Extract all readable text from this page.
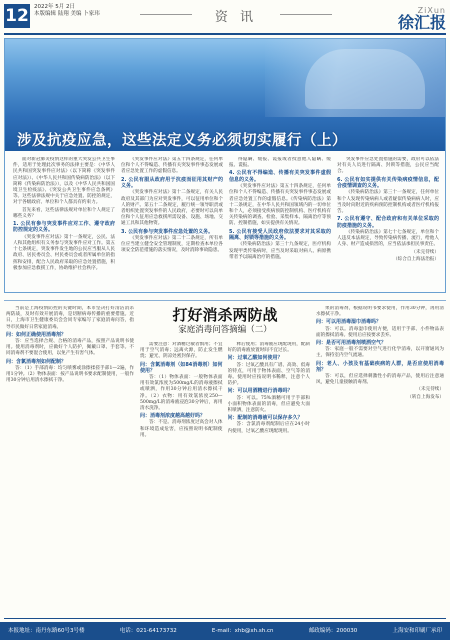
12 2022年 5月 2日
本版编辑 陆翔 美编 卜家玮	资 讯	ZiXun
徐汇报
涉及抗疫应急，这些法定义务必须切实履行（上）

面对新冠肺炎疫情这样的重大突发公共卫生事件，适用于处理此次事务的法律主要是：《中华人民共和国突发事件应对法》（以下简称《突发事件应对法》）、《中华人民共和国传染病防治法》（以下简称《传染病防治法》），以及《中华人民共和国国境卫生检疫法》、《突发公共卫生事件应急条例》等。这些法律法规中关于应急处置、防控的规定，对于各级政府、单位和个人都具有约束力。

首先来看，这些法律法规对单位和个人规定了哪些义务？

1. 公民有参与突发事件应对工作、遵守政府防控规定的义务。

《突发事件应对法》第十一条规定，公民、法人和其他组织有义务参与突发事件应对工作。第五十七条规定，突发事件发生地的公民应当服从人民政府、居民委员会、村民委员会或者所属单位的指挥和安排，配合人民政府采取的应急处置措施，积极参加应急救援工作，协助维护社会秩序。

《突发事件应对法》第五十四条规定，任何单位和个人不得编造、传播有关突发事件事态发展或者应急处置工作的虚假信息。

2. 公民有服从政府用于抗疫而征用其财产的义务。

《突发事件应对法》第十二条规定，有关人民政府及其部门为应对突发事件，可以征用单位和个人的财产。第五十二条规定，履行统一领导职责或者组织处置突发事件的人民政府，必要时可以向单位和个人征用应急救援所需设备、设施、场地、交通工具和其他物资。

3. 公民有参与突发事件应急处置的义务。

《突发事件应对法》第二十二条规定，所有单位应当建立健全安全管理制度，定期检查本单位各项安全防范措施的落实情况，及时消除事故隐患。

得隐瞒、缓报、谎报或者授意他人隐瞒、缓报、谎报。

4. 公民有不得编造、传播有关突发事件虚假信息的义务。

《突发事件应对法》第五十四条规定，任何单位和个人不得编造、传播有关突发事件事态发展或者应急处置工作的虚假信息。《传染病防治法》第十二条规定，在中华人民共和国领域内的一切单位和个人，必须接受疾病预防控制机构、医疗机构有关传染病的调查、检验、采集样本、隔离治疗等预防、控制措施，如实提供有关情况。

5. 公民有接受人民政府依法要求对其采取的隔离、封锁等措施的义务。

《传染病防治法》第三十九条规定，医疗机构发现甲类传染病时，应当及时采取对病人、病原携带者予以隔离治疗的措施。

突发事件应急处置措施的需要，政府可以依法对有关人员进行隔离、封锁等措施，公民应当配合。

6. 公民有如实提供有关传染病疫情信息，配合疫情调查的义务。

《传染病防治法》第三十一条规定，任何单位和个人发现传染病病人或者疑似传染病病人时，应当及时向附近的疾病预防控制机构或者医疗机构报告。

7. 公民有遵守、配合政府和有关单位采取的防疫措施的义务。

《传染病防治法》第七十七条规定，单位和个人违反本法规定，导致传染病传播、流行，给他人人身、财产造成损害的，应当依法承担民事责任。

（未完待续）

（综合自上海法治报）

当前是上海疫情防控的关键时期，本市坚决打好清洁消杀两防战，及时有效开展消毒，是切断病毒传播的重要措施。近日，上海市卫生健康委员会会同专家编写了家庭消毒问答，指导市民做好日常家庭消毒。

问：如何正确使用消毒剂？

答：应当选择合规、合格的消毒产品，按照产品说明书使用。使用消毒剂时，应做好个人防护，佩戴口罩、手套等。不同消毒剂不要混合使用，以免产生有害气体。

问：含氯消毒剂如何配制？

答：（1）手部消毒：均匀喷雾或涂擦揉搓手部1—2遍，作用1分钟。（2）物体表面：按产品说明书要求配制使用，一般作用30分钟后用清水擦拭干净。

打好消杀两防战
家庭消毒问答摘编（二）

需要注意：对酒精过敏者慎用；不宜用于空气消毒；远离火源，防止发生燃烧；避光、阴凉处密封保存。

问：含氯消毒剂（如84消毒剂）如何使用？

答：（1）物体表面：一般物体表面用有效氯浓度为500mg/L的消毒液擦拭或喷洒，作用30分钟后用清水擦拭干净。（2）衣物：用有效氯浓度250—500mg/L的消毒液浸泡30分钟后，再用清水洗净。

问：消毒剂浓度越高越好吗？

答：不是。消毒剂浓度过高会对人体和环境造成危害，应按照说明书配制使用。

释后使用；消毒液应现配现用，配制好的消毒液放置时间不宜过长。

问：过氧乙酸如何使用？

答：过氧乙酸具有广谱、高效、低毒的特点，可用于物体表面、空气等的消毒。使用时应按说明书稀释，注意个人防护。

问：可以用酒精进行消毒吗？

答：可以。75%酒精可用于手部和小面积物体表面的消毒，但应避免大面积喷洒，注意防火。

问：配制的消毒液可以保存多久？

答：含氯消毒剂配制后应在24小时内使用，过氧乙酸应现配现用。

果的消毒剂，根据说明书要求使用，作用30分钟，再用清水擦拭干净。

问：可以用消毒湿巾消毒吗？

答：可以。消毒湿巾使用方便，适用于手部、小件物品表面的擦拭消毒。使用后应按要求丢弃。

问：是否可用消毒剂喷洒空气？

答：家庭一般不需要对空气进行化学消毒，以开窗通风为主，保持室内空气流通。

问：老人、小孩及有基础疾病的人群，是否应使用消毒剂？

答：可以，但应选择刺激性小的消毒产品，使用后注意通风，避免儿童接触消毒剂。

（未完待续）

（转自上海发布）

本报地址：南丹东路60号3号楼	电话：021-64173732	E-mail：xhb@xh.sh.cn	邮政编码：200030	上海安和印刷厂承印
